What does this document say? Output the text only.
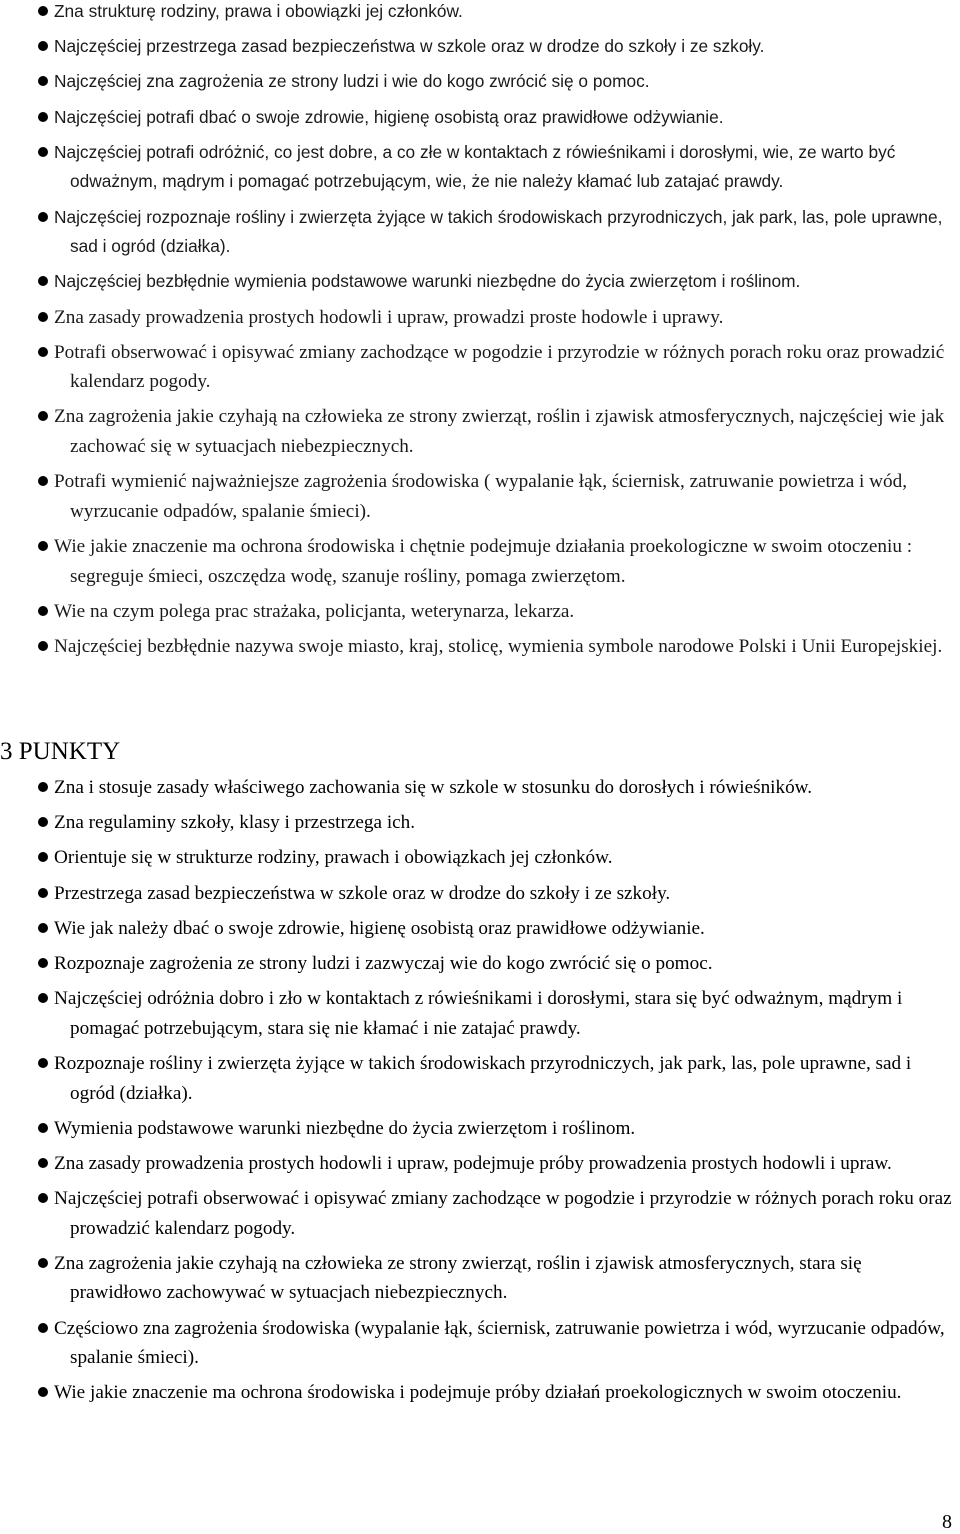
Zna strukturę rodziny, prawa i obowiązki jej członków.
Najczęściej przestrzega zasad bezpieczeństwa w szkole oraz w drodze do szkoły i ze szkoły.
Najczęściej zna zagrożenia ze strony ludzi i wie do kogo zwrócić się o pomoc.
Najczęściej potrafi dbać o swoje zdrowie, higienę osobistą oraz prawidłowe odżywianie.
Najczęściej potrafi odróżnić, co jest dobre, a co złe w kontaktach z rówieśnikami i dorosłymi, wie, ze warto być odważnym, mądrym i pomagać potrzebującym, wie, że nie należy kłamać lub zatajać prawdy.
Najczęściej rozpoznaje rośliny i zwierzęta żyjące w takich środowiskach przyrodniczych, jak park, las, pole uprawne, sad i ogród (działka).
Najczęściej bezbłędnie wymienia podstawowe warunki niezbędne do życia zwierzętom i roślinom.
Zna zasady prowadzenia prostych hodowli i upraw, prowadzi proste hodowle i uprawy.
Potrafi obserwować i opisywać zmiany zachodzące w pogodzie i przyrodzie w różnych porach roku oraz prowadzić kalendarz pogody.
Zna zagrożenia jakie czyhają na człowieka ze strony zwierząt, roślin i zjawisk atmosferycznych, najczęściej wie jak zachować się w sytuacjach niebezpiecznych.
Potrafi wymienić najważniejsze zagrożenia środowiska ( wypalanie łąk, ściernisk, zatruwanie powietrza i wód, wyrzucanie odpadów, spalanie śmieci).
Wie jakie znaczenie ma ochrona środowiska i chętnie podejmuje działania proekologiczne w swoim otoczeniu : segreguje śmieci, oszczędza wodę, szanuje rośliny, pomaga zwierzętom.
Wie na czym polega prac strażaka, policjanta, weterynarza, lekarza.
Najczęściej bezbłędnie nazywa swoje miasto, kraj, stolicę, wymienia symbole narodowe Polski i Unii Europejskiej.
3 PUNKTY
Zna i stosuje zasady właściwego zachowania się w szkole w stosunku do dorosłych i rówieśników.
Zna regulaminy szkoły, klasy i przestrzega ich.
Orientuje się w strukturze rodziny, prawach i obowiązkach jej członków.
Przestrzega zasad bezpieczeństwa w szkole oraz w drodze do szkoły i ze szkoły.
Wie jak należy dbać o swoje zdrowie, higienę osobistą oraz prawidłowe odżywianie.
Rozpoznaje zagrożenia ze strony ludzi i zazwyczaj wie do kogo zwrócić się o pomoc.
Najczęściej odróżnia dobro i zło w kontaktach z rówieśnikami i dorosłymi, stara się być odważnym, mądrym i pomagać potrzebującym, stara się nie kłamać i nie zatajać prawdy.
Rozpoznaje rośliny i zwierzęta żyjące w takich środowiskach przyrodniczych, jak park, las, pole uprawne, sad i ogród (działka).
Wymienia podstawowe warunki niezbędne do życia zwierzętom i roślinom.
Zna zasady prowadzenia prostych hodowli i upraw, podejmuje próby prowadzenia prostych hodowli i upraw.
Najczęściej potrafi obserwować i opisywać zmiany zachodzące w pogodzie i przyrodzie w różnych porach roku oraz prowadzić kalendarz pogody.
Zna zagrożenia jakie czyhają na człowieka ze strony zwierząt, roślin i zjawisk atmosferycznych, stara się prawidłowo zachowywać w sytuacjach niebezpiecznych.
Częściowo zna zagrożenia środowiska (wypalanie łąk, ściernisk, zatruwanie powietrza i wód, wyrzucanie odpadów, spalanie śmieci).
Wie jakie znaczenie ma ochrona środowiska i podejmuje próby działań proekologicznych w swoim otoczeniu.
8
